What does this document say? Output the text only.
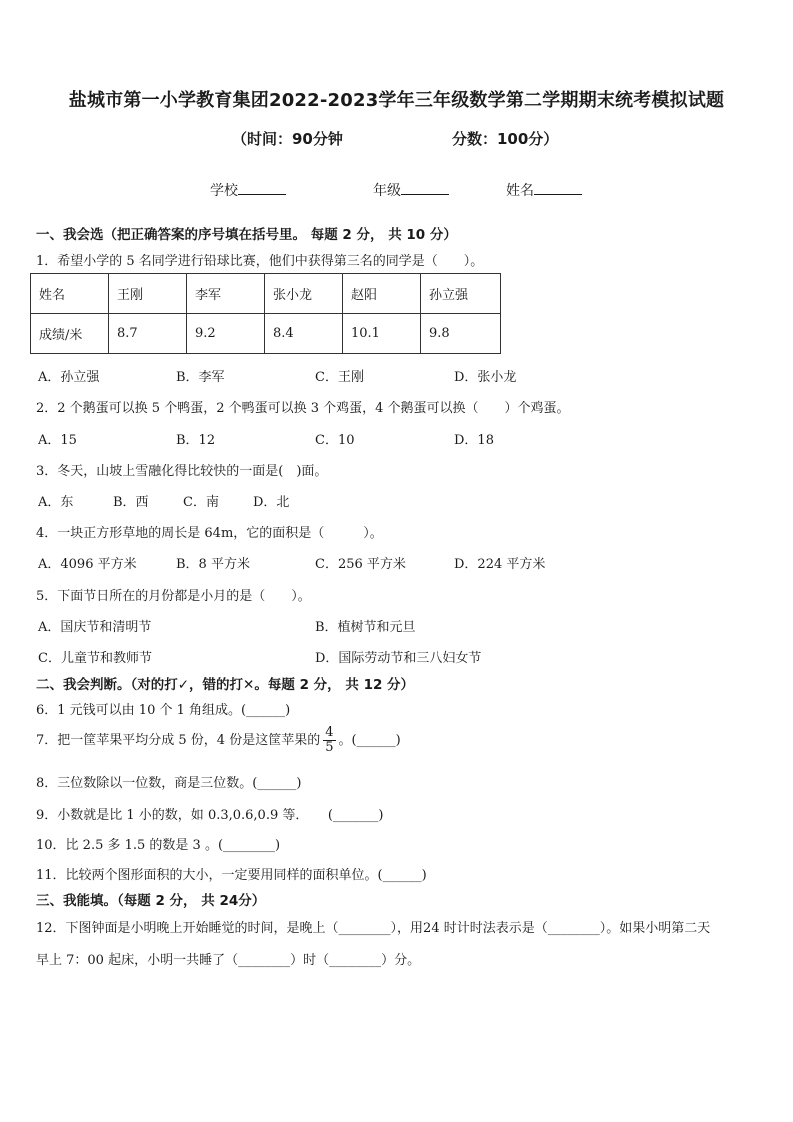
盐城市第一小学教育集团2022-2023学年三年级数学第二学期期末统考模拟试题
（时间：90分钟	分数：100分）
学校	年级	姓名
一、我会选（把正确答案的序号填在括号里。 每题 2 分， 共 10 分）
1．希望小学的 5 名同学进行铅球比赛，他们中获得第三名的同学是（　　）。
姓名	王刚	李军	张小龙	赵阳	孙立强
成绩/米	8.7	9.2	8.4	10.1	9.8
A．孙立强	B．李军	C．王刚	D．张小龙
2．2 个鹅蛋可以换 5 个鸭蛋，2 个鸭蛋可以换 3 个鸡蛋，4 个鹅蛋可以换（　　）个鸡蛋。
A．15	B．12	C．10	D．18
3．冬天，山坡上雪融化得比较快的一面是(　)面。
A．东	B．西	C．南	D．北
4．一块正方形草地的周长是 64m，它的面积是（　　　）。
A．4096 平方米	B．8 平方米	C．256 平方米	D．224 平方米
5．下面节日所在的月份都是小月的是（　　）。
A．国庆节和清明节	B．植树节和元旦
C．儿童节和教师节	D．国际劳动节和三八妇女节
二、我会判断。（对的打✓，错的打✕。每题 2 分， 共 12 分）
6．1 元钱可以由 10 个 1 角组成。(______)
7．把一筐苹果平均分成 5 份，4 份是这筐苹果的 $\frac{4}{5}$ 。(______)
8．三位数除以一位数，商是三位数。(______)
9．小数就是比 1 小的数，如 0.3,0.6,0.9 等．　　(_______)
10．比 2.5 多 1.5 的数是 3 。(________)
11．比较两个图形面积的大小，一定要用同样的面积单位。(______)
三、我能填。（每题 2 分， 共 24分）
12．下图钟面是小明晚上开始睡觉的时间，是晚上（________），用24 时计时法表示是（________）。如果小明第二天
早上 7：00 起床，小明一共睡了（________）时（________）分。
